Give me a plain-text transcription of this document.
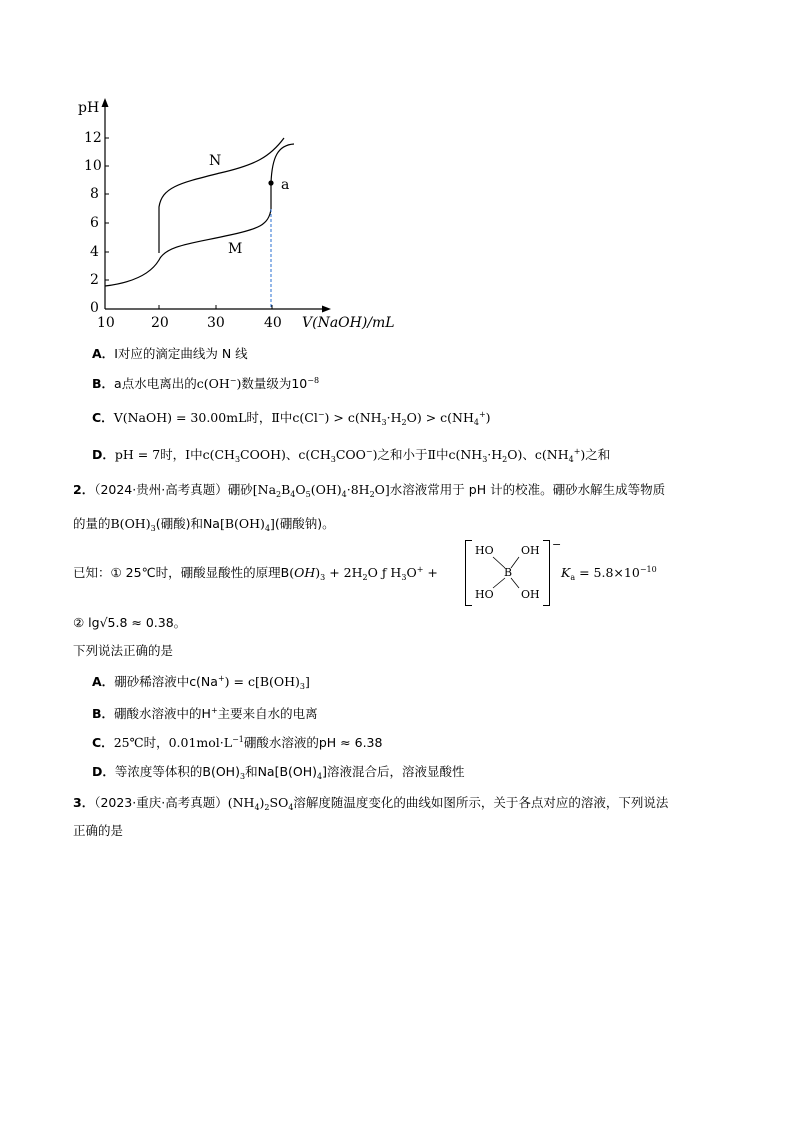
pH
12
10
8
6
4
2
0
10	20	30	40 V(NaOH)/mL
N
M
a
A．Ⅰ对应的滴定曲线为 N 线
B．a点水电离出的c(OH−)数量级为$10^{-8}$
C．V(NaOH) = 30.00mL时，Ⅱ中$c(Cl^-) > c(NH_3\cdot H_2O) > c(NH_4^+)$
D．pH = 7时，Ⅰ中$c(CH_3COOH)$、$c(CH_3COO^-)$之和小于Ⅱ中$c(NH_3\cdot H_2O)$、$c(NH_4^+)$之和
2．（2024·贵州·高考真题）硼砂$[Na_2B_4O_5(OH)_4\cdot 8H_2O]$水溶液常用于 pH 计的校准。硼砂水解生成等物质
的量的$B(OH)_3$(硼酸)和$Na[B(OH)_4]$(硼酸钠)。
已知：① 25℃时，硼酸显酸性的原理$B(OH)_3 + 2H_2O$ ƒ $H_3O^+$ +
HO OH
B
HO OH
−
$K_a = 5.8\times 10^{-10}$
② lg√5.8 ≈ 0.38。
下列说法正确的是
A．硼砂稀溶液中$c(Na^+) = c[B(OH)_3]$
B．硼酸水溶液中的H+主要来自水的电离
C．25℃时，$0.01mol\cdot L^{-1}$硼酸水溶液的pH ≈ 6.38
D．等浓度等体积的$B(OH)_3$和$Na[B(OH)_4]$溶液混合后，溶液显酸性
3．（2023·重庆·高考真题）$(NH_4)_2SO_4$溶解度随温度变化的曲线如图所示，关于各点对应的溶液，下列说法
正确的是
